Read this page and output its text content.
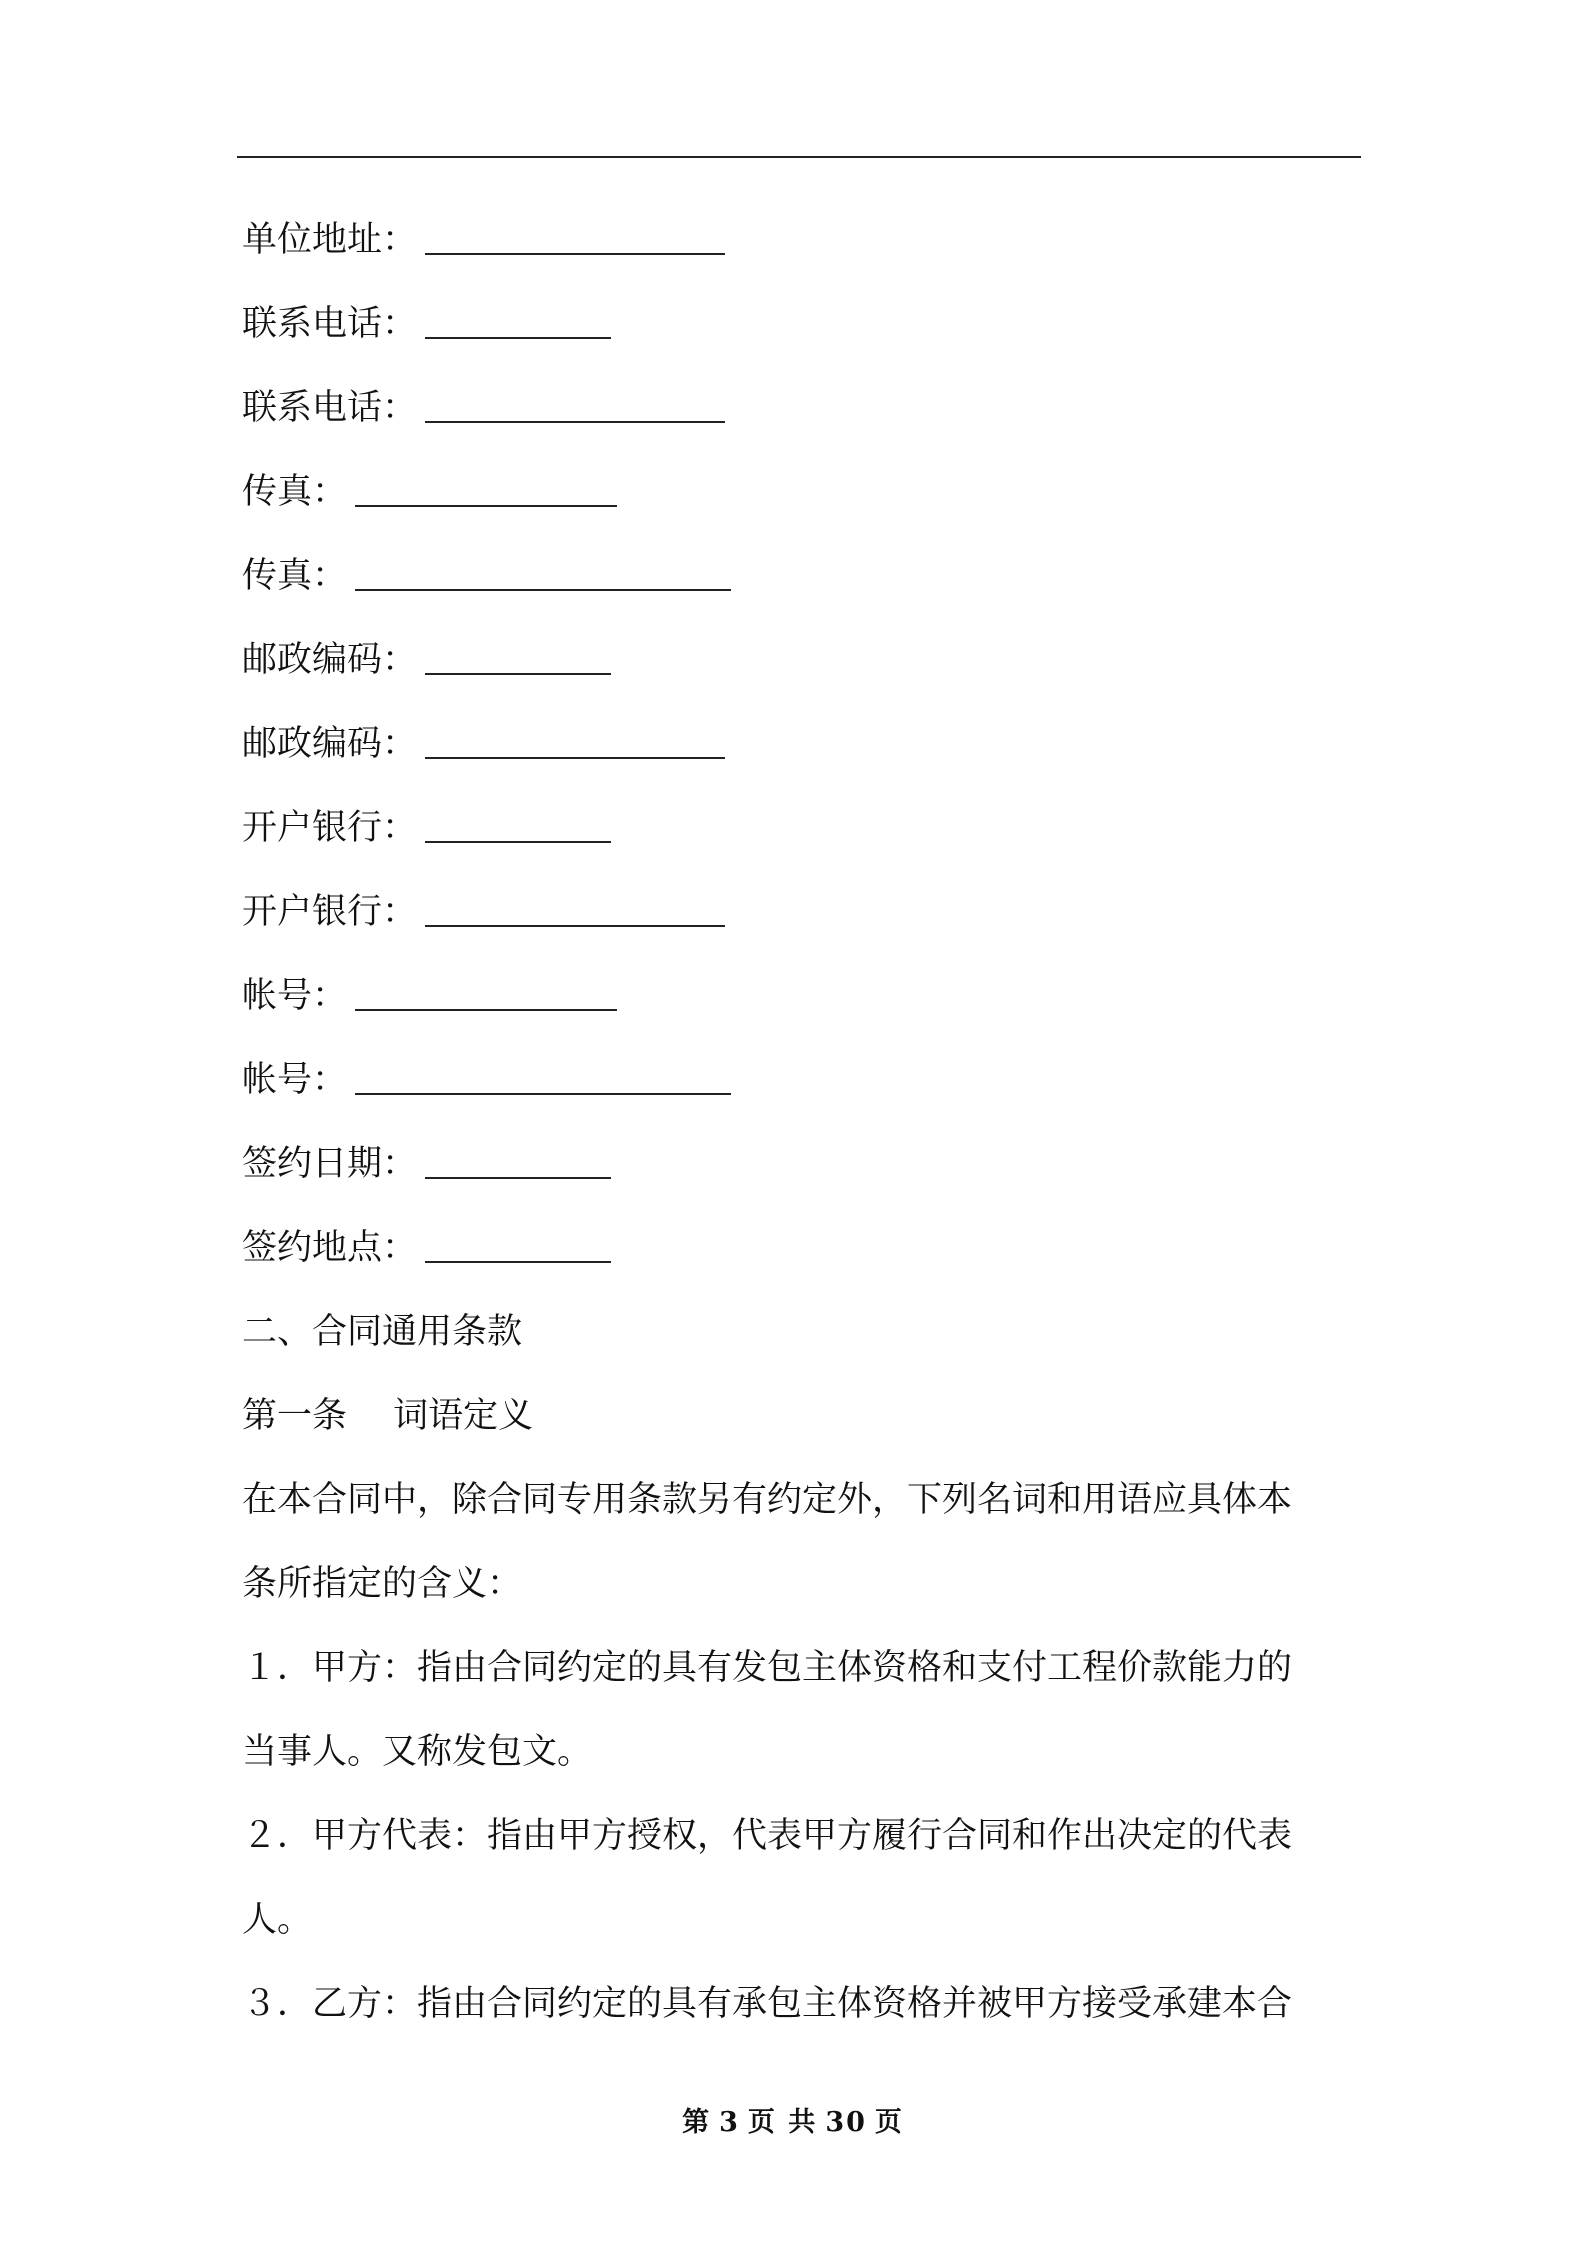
单位地址：
联系电话：
联系电话：
传真：
传真：
邮政编码：
邮政编码：
开户银行：
开户银行：
帐号：
帐号：
签约日期：
签约地点：
二、合同通用条款
第一条　 词语定义
在本合同中，除合同专用条款另有约定外，下列名词和用语应具体本
条所指定的含义：
１．甲方：指由合同约定的具有发包主体资格和支付工程价款能力的
当事人。又称发包文。
２．甲方代表：指由甲方授权，代表甲方履行合同和作出决定的代表
人。
３．乙方：指由合同约定的具有承包主体资格并被甲方接受承建本合
第 3 页 共 30 页
